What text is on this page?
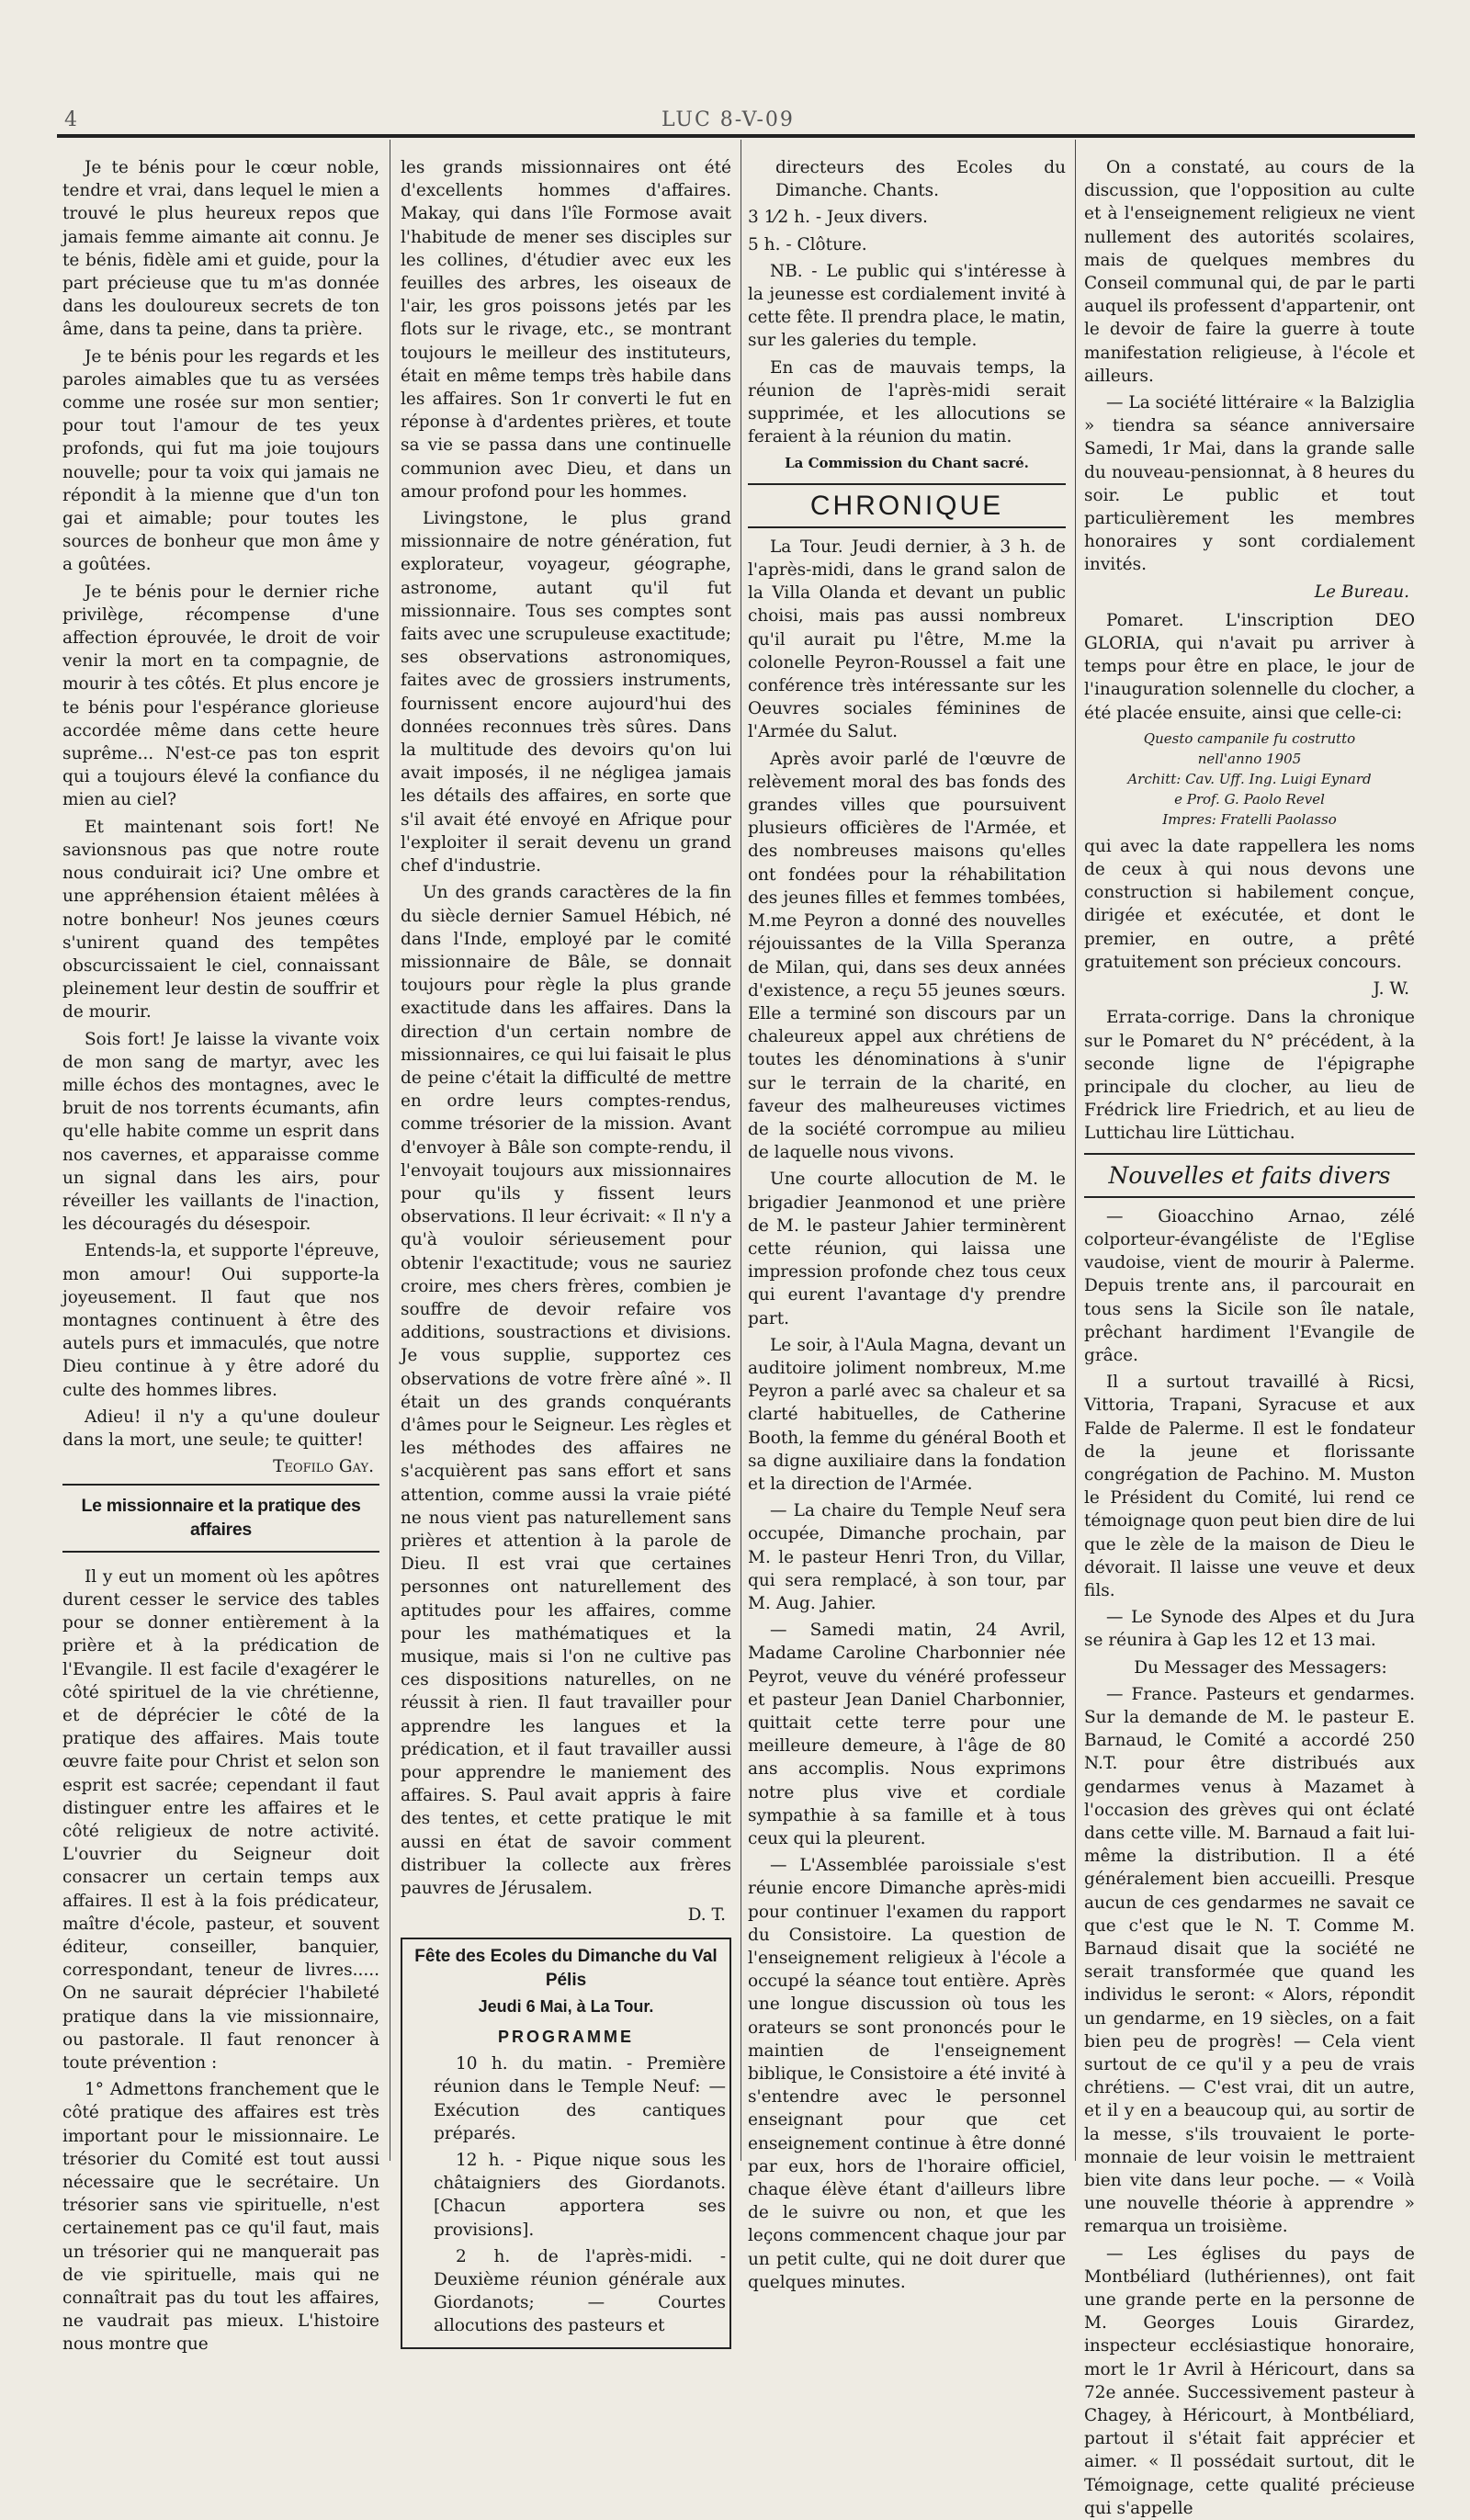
4	LUC 8-V-09

Je te bénis pour le cœur noble, tendre et vrai, dans lequel le mien a trouvé le plus heureux repos que jamais femme aimante ait connu. Je te bénis, fidèle ami et guide, pour la part précieuse que tu m'as donnée dans les douloureux secrets de ton âme, dans ta peine, dans ta prière.

Je te bénis pour les regards et les paroles aimables que tu as versées comme une rosée sur mon sentier; pour tout l'amour de tes yeux profonds, qui fut ma joie toujours nouvelle; pour ta voix qui jamais ne répondit à la mienne que d'un ton gai et aimable; pour toutes les sources de bonheur que mon âme y a goûtées.

Je te bénis pour le dernier riche privilège, récompense d'une affection éprouvée, le droit de voir venir la mort en ta compagnie, de mourir à tes côtés. Et plus encore je te bénis pour l'espérance glorieuse accordée même dans cette heure suprême... N'est-ce pas ton esprit qui a toujours élevé la confiance du mien au ciel?

Et maintenant sois fort! Ne savionsnous pas que notre route nous conduirait ici? Une ombre et une appréhension étaient mêlées à notre bonheur! Nos jeunes cœurs s'unirent quand des tempêtes obscurcissaient le ciel, connaissant pleinement leur destin de souffrir et de mourir.

Sois fort! Je laisse la vivante voix de mon sang de martyr, avec les mille échos des montagnes, avec le bruit de nos torrents écumants, afin qu'elle habite comme un esprit dans nos cavernes, et apparaisse comme un signal dans les airs, pour réveiller les vaillants de l'inaction, les découragés du désespoir.

Entends-la, et supporte l'épreuve, mon amour! Oui supporte-la joyeusement. Il faut que nos montagnes continuent à être des autels purs et immaculés, que notre Dieu continue à y être adoré du culte des hommes libres.

Adieu! il n'y a qu'une douleur dans la mort, une seule; te quitter!

Teofilo Gay.
Le missionnaire et la pratique des affaires

Il y eut un moment où les apôtres durent cesser le service des tables pour se donner entièrement à la prière et à la prédication de l'Evangile. Il est facile d'exagérer le côté spirituel de la vie chrétienne, et de déprécier le côté de la pratique des affaires. Mais toute œuvre faite pour Christ et selon son esprit est sacrée; cependant il faut distinguer entre les affaires et le côté religieux de notre activité. L'ouvrier du Seigneur doit consacrer un certain temps aux affaires. Il est à la fois prédicateur, maître d'école, pasteur, et souvent éditeur, conseiller, banquier, correspondant, teneur de livres..... On ne saurait déprécier l'habileté pratique dans la vie missionnaire, ou pastorale. Il faut renoncer à toute prévention :

1° Admettons franchement que le côté pratique des affaires est très important pour le missionnaire. Le trésorier du Comité est tout aussi nécessaire que le secrétaire. Un trésorier sans vie spirituelle, n'est certainement pas ce qu'il faut, mais un trésorier qui ne manquerait pas de vie spirituelle, mais qui ne connaîtrait pas du tout les affaires, ne vaudrait pas mieux. L'histoire nous montre que

les grands missionnaires ont été d'excellents hommes d'affaires. Makay, qui dans l'île Formose avait l'habitude de mener ses disciples sur les collines, d'étudier avec eux les feuilles des arbres, les oiseaux de l'air, les gros poissons jetés par les flots sur le rivage, etc., se montrant toujours le meilleur des instituteurs, était en même temps très habile dans les affaires. Son 1r converti le fut en réponse à d'ardentes prières, et toute sa vie se passa dans une continuelle communion avec Dieu, et dans un amour profond pour les hommes.

Livingstone, le plus grand missionnaire de notre génération, fut explorateur, voyageur, géographe, astronome, autant qu'il fut missionnaire. Tous ses comptes sont faits avec une scrupuleuse exactitude; ses observations astronomiques, faites avec de grossiers instruments, fournissent encore aujourd'hui des données reconnues très sûres. Dans la multitude des devoirs qu'on lui avait imposés, il ne négligea jamais les détails des affaires, en sorte que s'il avait été envoyé en Afrique pour l'exploiter il serait devenu un grand chef d'industrie.

Un des grands caractères de la fin du siècle dernier Samuel Hébich, né dans l'Inde, employé par le comité missionnaire de Bâle, se donnait toujours pour règle la plus grande exactitude dans les affaires. Dans la direction d'un certain nombre de missionnaires, ce qui lui faisait le plus de peine c'était la difficulté de mettre en ordre leurs comptes-rendus, comme trésorier de la mission. Avant d'envoyer à Bâle son compte-rendu, il l'envoyait toujours aux missionnaires pour qu'ils y fissent leurs observations. Il leur écrivait: « Il n'y a qu'à vouloir sérieusement pour obtenir l'exactitude; vous ne sauriez croire, mes chers frères, combien je souffre de devoir refaire vos additions, soustractions et divisions. Je vous supplie, supportez ces observations de votre frère aîné ». Il était un des grands conquérants d'âmes pour le Seigneur. Les règles et les méthodes des affaires ne s'acquièrent pas sans effort et sans attention, comme aussi la vraie piété ne nous vient pas naturellement sans prières et attention à la parole de Dieu. Il est vrai que certaines personnes ont naturellement des aptitudes pour les affaires, comme pour les mathématiques et la musique, mais si l'on ne cultive pas ces dispositions naturelles, on ne réussit à rien. Il faut travailler pour apprendre les langues et la prédication, et il faut travailler aussi pour apprendre le maniement des affaires. S. Paul avait appris à faire des tentes, et cette pratique le mit aussi en état de savoir comment distribuer la collecte aux frères pauvres de Jérusalem.

D. T.
Fête des Ecoles du Dimanche du Val Pélis
Jeudi 6 Mai, à La Tour.
PROGRAMME

10 h. du matin. - Première réunion dans le Temple Neuf: — Exécution des cantiques préparés.

12 h. - Pique nique sous les châtaigniers des Giordanots. [Chacun apportera ses provisions].

2 h. de l'après-midi. - Deuxième réunion générale aux Giordanots; — Courtes allocutions des pasteurs et

directeurs des Ecoles du Dimanche. Chants.

3 1⁄2 h. - Jeux divers.

5 h. - Clôture.

NB. - Le public qui s'intéresse à la jeunesse est cordialement invité à cette fête. Il prendra place, le matin, sur les galeries du temple.

En cas de mauvais temps, la réunion de l'après-midi serait supprimée, et les allocutions se feraient à la réunion du matin.

La Commission du Chant sacré.
CHRONIQUE

La Tour. Jeudi dernier, à 3 h. de l'après-midi, dans le grand salon de la Villa Olanda et devant un public choisi, mais pas aussi nombreux qu'il aurait pu l'être, M.me la colonelle Peyron-Roussel a fait une conférence très intéressante sur les Oeuvres sociales féminines de l'Armée du Salut.

Après avoir parlé de l'œuvre de relèvement moral des bas fonds des grandes villes que poursuivent plusieurs officières de l'Armée, et des nombreuses maisons qu'elles ont fondées pour la réhabilitation des jeunes filles et femmes tombées, M.me Peyron a donné des nouvelles réjouissantes de la Villa Speranza de Milan, qui, dans ses deux années d'existence, a reçu 55 jeunes sœurs. Elle a terminé son discours par un chaleureux appel aux chrétiens de toutes les dénominations à s'unir sur le terrain de la charité, en faveur des malheureuses victimes de la société corrompue au milieu de laquelle nous vivons.

Une courte allocution de M. le brigadier Jeanmonod et une prière de M. le pasteur Jahier terminèrent cette réunion, qui laissa une impression profonde chez tous ceux qui eurent l'avantage d'y prendre part.

Le soir, à l'Aula Magna, devant un auditoire joliment nombreux, M.me Peyron a parlé avec sa chaleur et sa clarté habituelles, de Catherine Booth, la femme du général Booth et sa digne auxiliaire dans la fondation et la direction de l'Armée.

— La chaire du Temple Neuf sera occupée, Dimanche prochain, par M. le pasteur Henri Tron, du Villar, qui sera remplacé, à son tour, par M. Aug. Jahier.

— Samedi matin, 24 Avril, Madame Caroline Charbonnier née Peyrot, veuve du vénéré professeur et pasteur Jean Daniel Charbonnier, quittait cette terre pour une meilleure demeure, à l'âge de 80 ans accomplis. Nous exprimons notre plus vive et cordiale sympathie à sa famille et à tous ceux qui la pleurent.

— L'Assemblée paroissiale s'est réunie encore Dimanche après-midi pour continuer l'examen du rapport du Consistoire. La question de l'enseignement religieux à l'école a occupé la séance tout entière. Après une longue discussion où tous les orateurs se sont prononcés pour le maintien de l'enseignement biblique, le Consistoire a été invité à s'entendre avec le personnel enseignant pour que cet enseignement continue à être donné par eux, hors de l'horaire officiel, chaque élève étant d'ailleurs libre de le suivre ou non, et que les leçons commencent chaque jour par un petit culte, qui ne doit durer que quelques minutes.

On a constaté, au cours de la discussion, que l'opposition au culte et à l'enseignement religieux ne vient nullement des autorités scolaires, mais de quelques membres du Conseil communal qui, de par le parti auquel ils professent d'appartenir, ont le devoir de faire la guerre à toute manifestation religieuse, à l'école et ailleurs.

— La société littéraire « la Balziglia » tiendra sa séance anniversaire Samedi, 1r Mai, dans la grande salle du nouveau-pensionnat, à 8 heures du soir. Le public et tout particulièrement les membres honoraires y sont cordialement invités.

Le Bureau.

Pomaret. L'inscription DEO GLORIA, qui n'avait pu arriver à temps pour être en place, le jour de l'inauguration solennelle du clocher, a été placée ensuite, ainsi que celle-ci:

Questo campanile fu costrutto
nell'anno 1905
Architt: Cav. Uff. Ing. Luigi Eynard
e Prof. G. Paolo Revel
Impres: Fratelli Paolasso

qui avec la date rappellera les noms de ceux à qui nous devons une construction si habilement conçue, dirigée et exécutée, et dont le premier, en outre, a prêté gratuitement son précieux concours.

J. W.

Errata-corrige. Dans la chronique sur le Pomaret du N° précédent, à la seconde ligne de l'épigraphe principale du clocher, au lieu de Frédrick lire Friedrich, et au lieu de Luttichau lire Lüttichau.

Nouvelles et faits divers

— Gioacchino Arnao, zélé colporteur-évangéliste de l'Eglise vaudoise, vient de mourir à Palerme. Depuis trente ans, il parcourait en tous sens la Sicile son île natale, prêchant hardiment l'Evangile de grâce.

Il a surtout travaillé à Ricsi, Vittoria, Trapani, Syracuse et aux Falde de Palerme. Il est le fondateur de la jeune et florissante congrégation de Pachino. M. Muston le Président du Comité, lui rend ce témoignage quon peut bien dire de lui que le zèle de la maison de Dieu le dévorait. Il laisse une veuve et deux fils.

— Le Synode des Alpes et du Jura se réunira à Gap les 12 et 13 mai.

Du Messager des Messagers:

— France. Pasteurs et gendarmes. Sur la demande de M. le pasteur E. Barnaud, le Comité a accordé 250 N.T. pour être distribués aux gendarmes venus à Mazamet à l'occasion des grèves qui ont éclaté dans cette ville. M. Barnaud a fait lui-même la distribution. Il a été généralement bien accueilli. Presque aucun de ces gendarmes ne savait ce que c'est que le N. T. Comme M. Barnaud disait que la société ne serait transformée que quand les individus le seront: « Alors, répondit un gendarme, en 19 siècles, on a fait bien peu de progrès! — Cela vient surtout de ce qu'il y a peu de vrais chrétiens. — C'est vrai, dit un autre, et il y en a beaucoup qui, au sortir de la messe, s'ils trouvaient le porte-monnaie de leur voisin le mettraient bien vite dans leur poche. — « Voilà une nouvelle théorie à apprendre » remarqua un troisième.

— Les églises du pays de Montbéliard (luthériennes), ont fait une grande perte en la personne de M. Georges Louis Girardez, inspecteur ecclésiastique honoraire, mort le 1r Avril à Héricourt, dans sa 72e année. Successivement pasteur à Chagey, à Héricourt, à Montbéliard, partout il s'était fait apprécier et aimer. « Il possédait surtout, dit le Témoignage, cette qualité précieuse qui s'appelle
